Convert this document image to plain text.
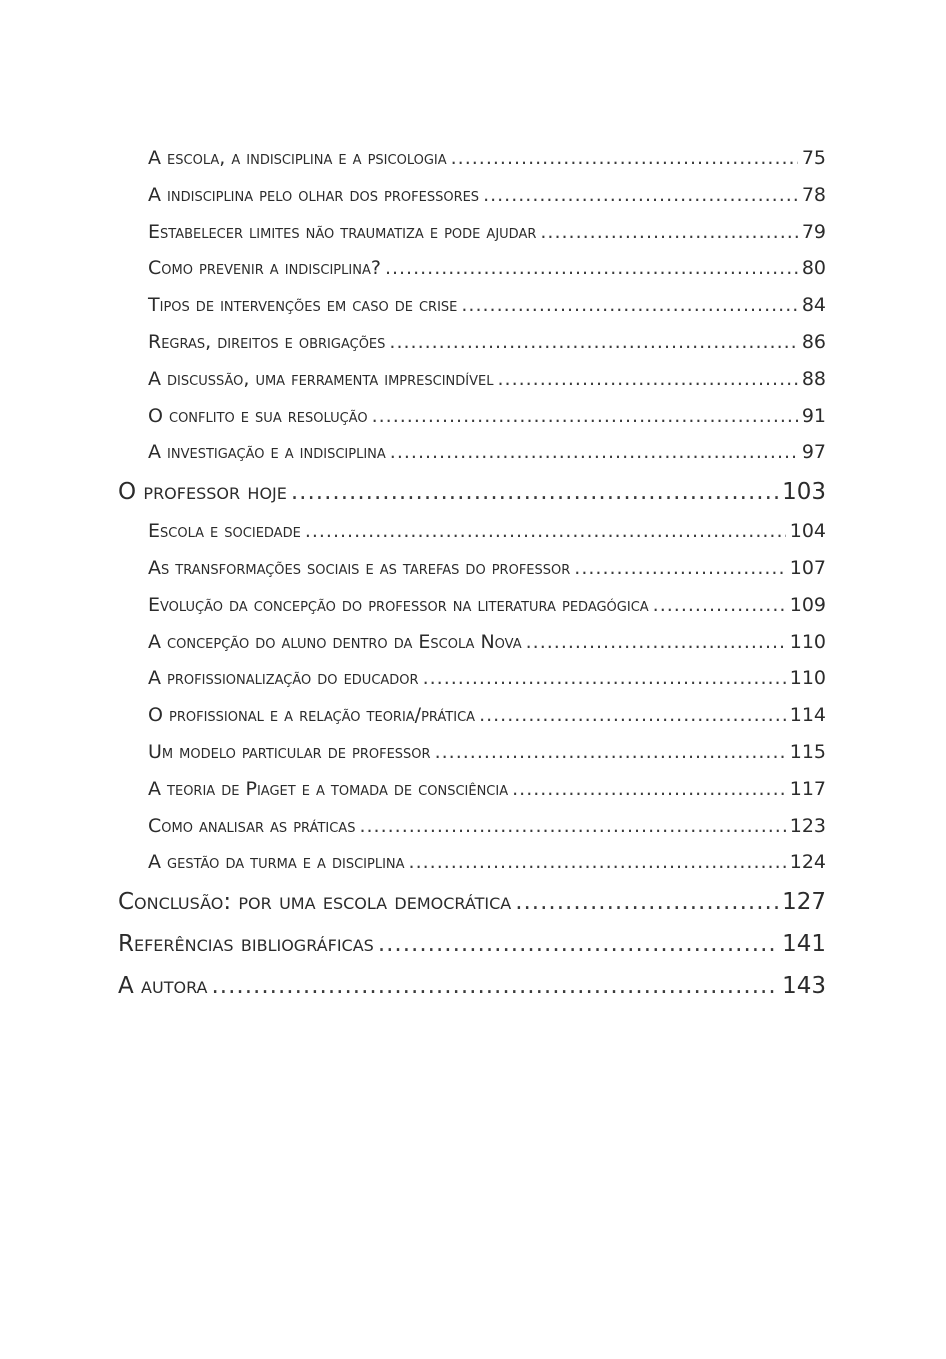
A escola, a indisciplina e a psicologia .....	75
A indisciplina pelo olhar dos professores .....	78
Estabelecer limites não traumatiza e pode ajudar .....	79
Como prevenir a indisciplina? .....	80
Tipos de intervenções em caso de crise .....	84
Regras, direitos e obrigações .....	86
A discussão, uma ferramenta imprescindível .....	88
O conflito e sua resolução .....	91
A investigação e a indisciplina .....	97
O professor hoje .....	103
Escola e sociedade .....	104
As transformações sociais e as tarefas do professor .....	107
Evolução da concepção do professor na literatura pedagógica .....	109
A concepção do aluno dentro da Escola Nova .....	110
A profissionalização do educador .....	110
O profissional e a relação teoria/prática .....	114
Um modelo particular de professor .....	115
A teoria de Piaget e a tomada de consciência .....	117
Como analisar as práticas .....	123
A gestão da turma e a disciplina .....	124
Conclusão: por uma escola democrática .....	127
Referências bibliográficas .....	141
A autora .....	143
